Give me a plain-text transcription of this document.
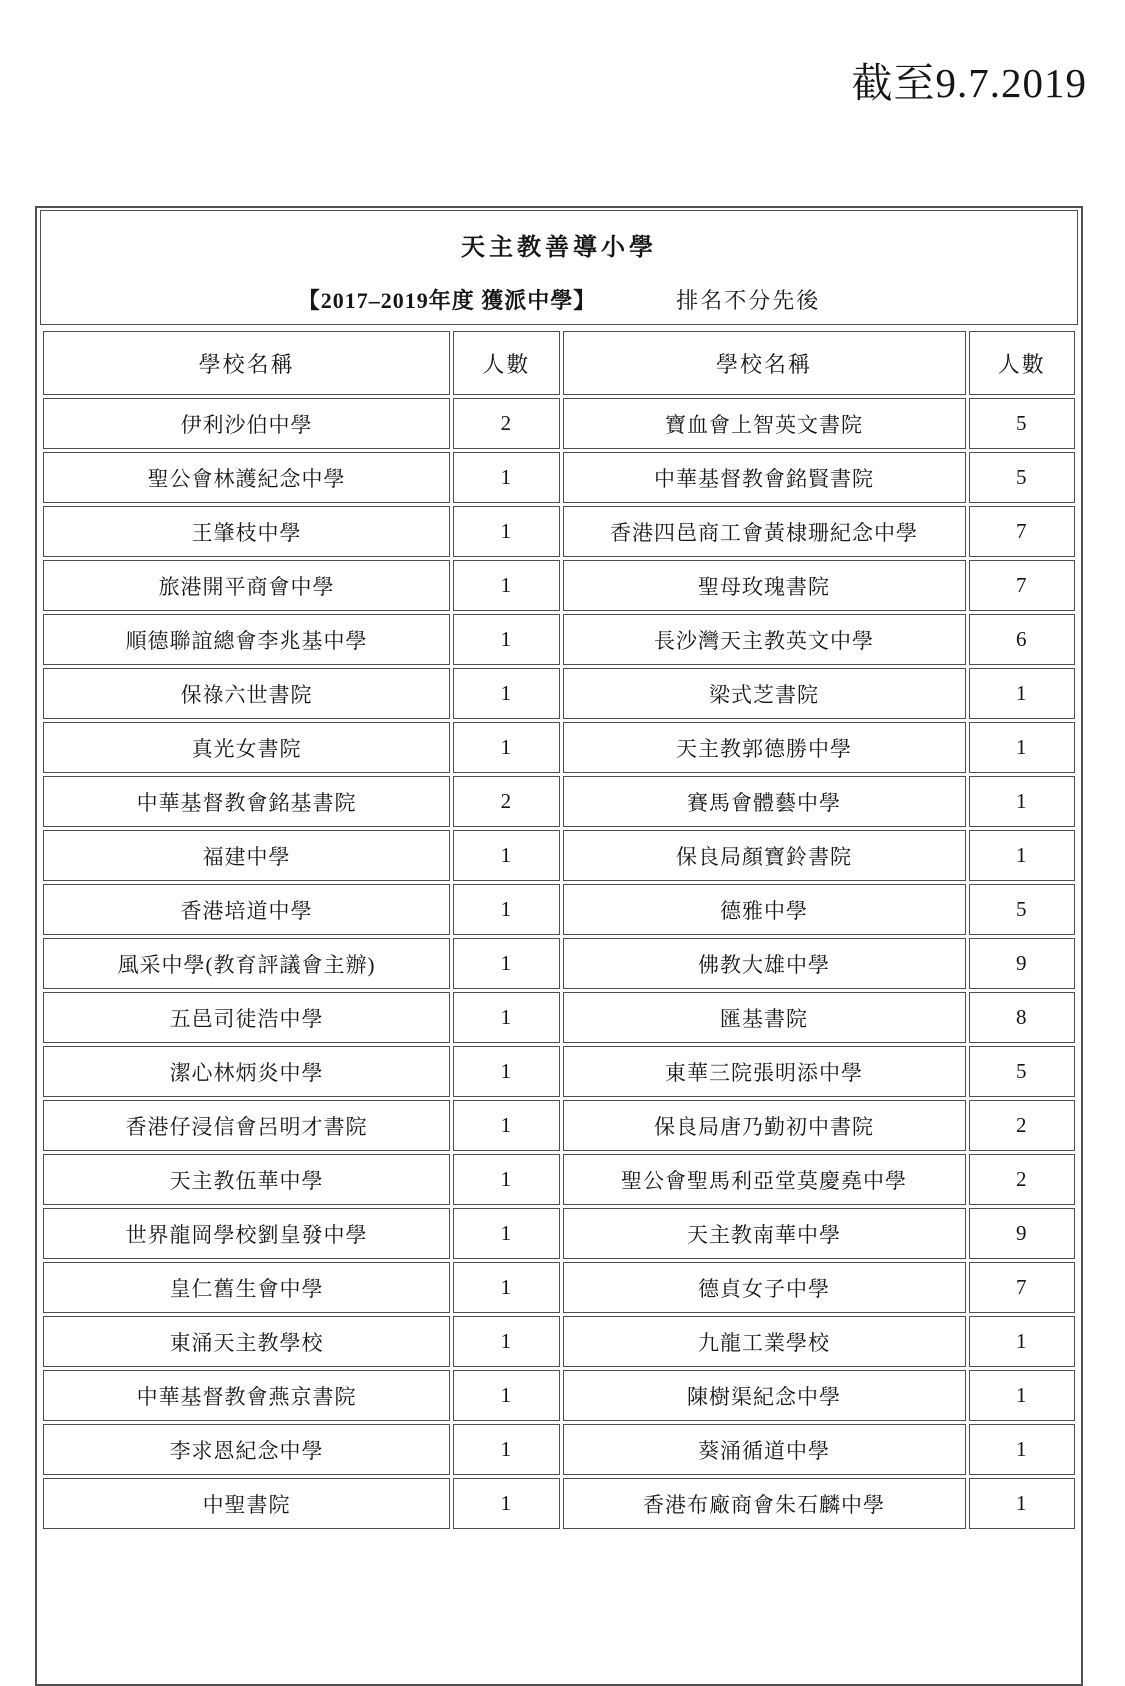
截至9.7.2019
天主教善導小學
【2017–2019年度 獲派中學】	排名不分先後
學校名稱	人數	學校名稱	人數
伊利沙伯中學	2	寶血會上智英文書院	5
聖公會林護紀念中學	1	中華基督教會銘賢書院	5
王肇枝中學	1	香港四邑商工會黃棣珊紀念中學	7
旅港開平商會中學	1	聖母玫瑰書院	7
順德聯誼總會李兆基中學	1	長沙灣天主教英文中學	6
保祿六世書院	1	梁式芝書院	1
真光女書院	1	天主教郭德勝中學	1
中華基督教會銘基書院	2	賽馬會體藝中學	1
福建中學	1	保良局顏寶鈴書院	1
香港培道中學	1	德雅中學	5
風采中學(教育評議會主辦)	1	佛教大雄中學	9
五邑司徒浩中學	1	匯基書院	8
潔心林炳炎中學	1	東華三院張明添中學	5
香港仔浸信會呂明才書院	1	保良局唐乃勤初中書院	2
天主教伍華中學	1	聖公會聖馬利亞堂莫慶堯中學	2
世界龍岡學校劉皇發中學	1	天主教南華中學	9
皇仁舊生會中學	1	德貞女子中學	7
東涌天主教學校	1	九龍工業學校	1
中華基督教會燕京書院	1	陳樹渠紀念中學	1
李求恩紀念中學	1	葵涌循道中學	1
中聖書院	1	香港布廠商會朱石麟中學	1
